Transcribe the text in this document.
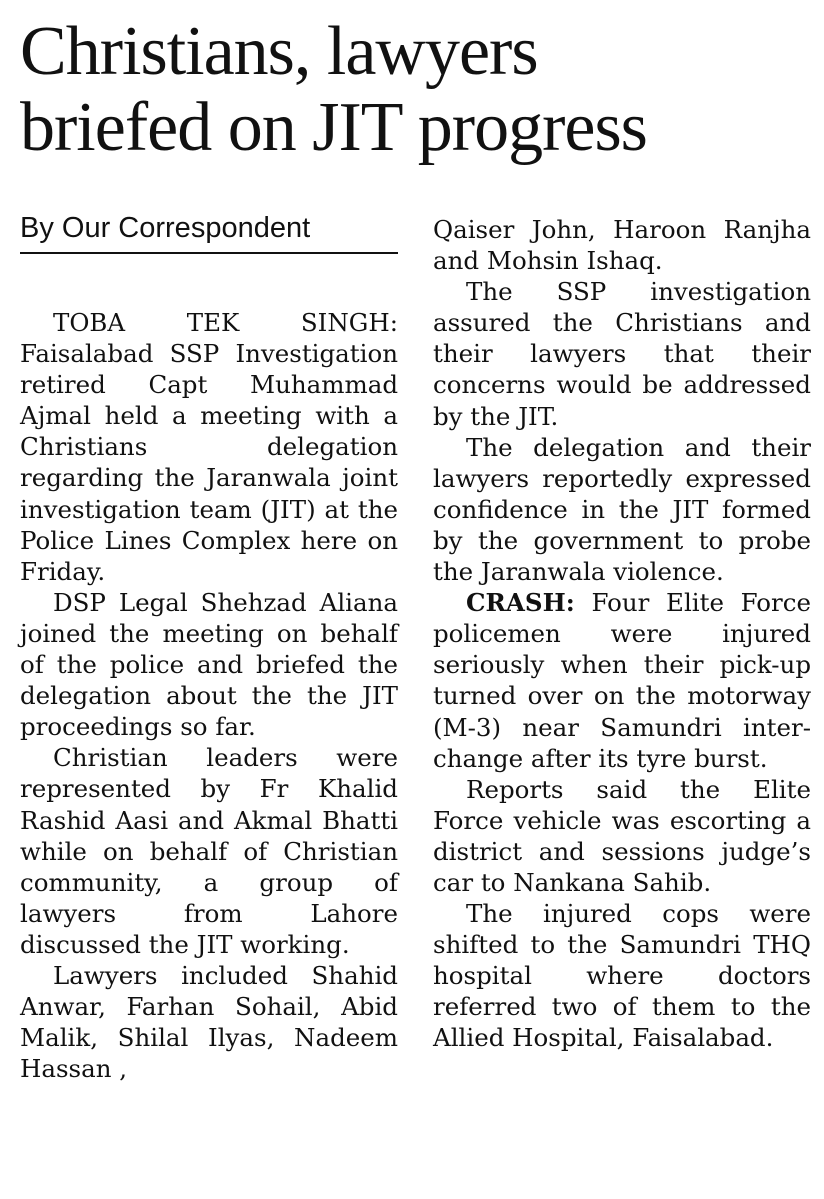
Christians, lawyers
briefed on JIT progress
By Our Correspondent

TOBA TEK SINGH: Faisalabad SSP Investigation retired Capt Muhammad Ajmal held a meeting with a Christians delegation regarding the Jaranwala joint investigation team (JIT) at the Police Lines Complex here on Friday.

DSP Legal Shehzad Aliana joined the meeting on behalf of the police and briefed the delegation about the the JIT proceedings so far.

Christian leaders were represented by Fr Khalid Rashid Aasi and Akmal Bhatti while on behalf of Christian community, a group of lawyers from Lahore discussed the JIT working.

Lawyers included Shahid Anwar, Farhan Sohail, Abid Malik, Shilal Ilyas, Nadeem Hassan ,

Qaiser John, Haroon Ranjha and Mohsin Ishaq.

The SSP investigation assured the Christians and their lawyers that their concerns would be addressed by the JIT.

The delegation and their lawyers reportedly expressed confidence in the JIT formed by the government to probe the Jaranwala violence.

CRASH: Four Elite Force policemen were injured seriously when their pick-up turned over on the motorway (M-3) near Samundri interchange after its tyre burst.

Reports said the Elite Force vehicle was escorting a district and sessions judge’s car to Nankana Sahib.

The injured cops were shifted to the Samundri THQ hospital where doctors referred two of them to the Allied Hospital, Faisalabad.
